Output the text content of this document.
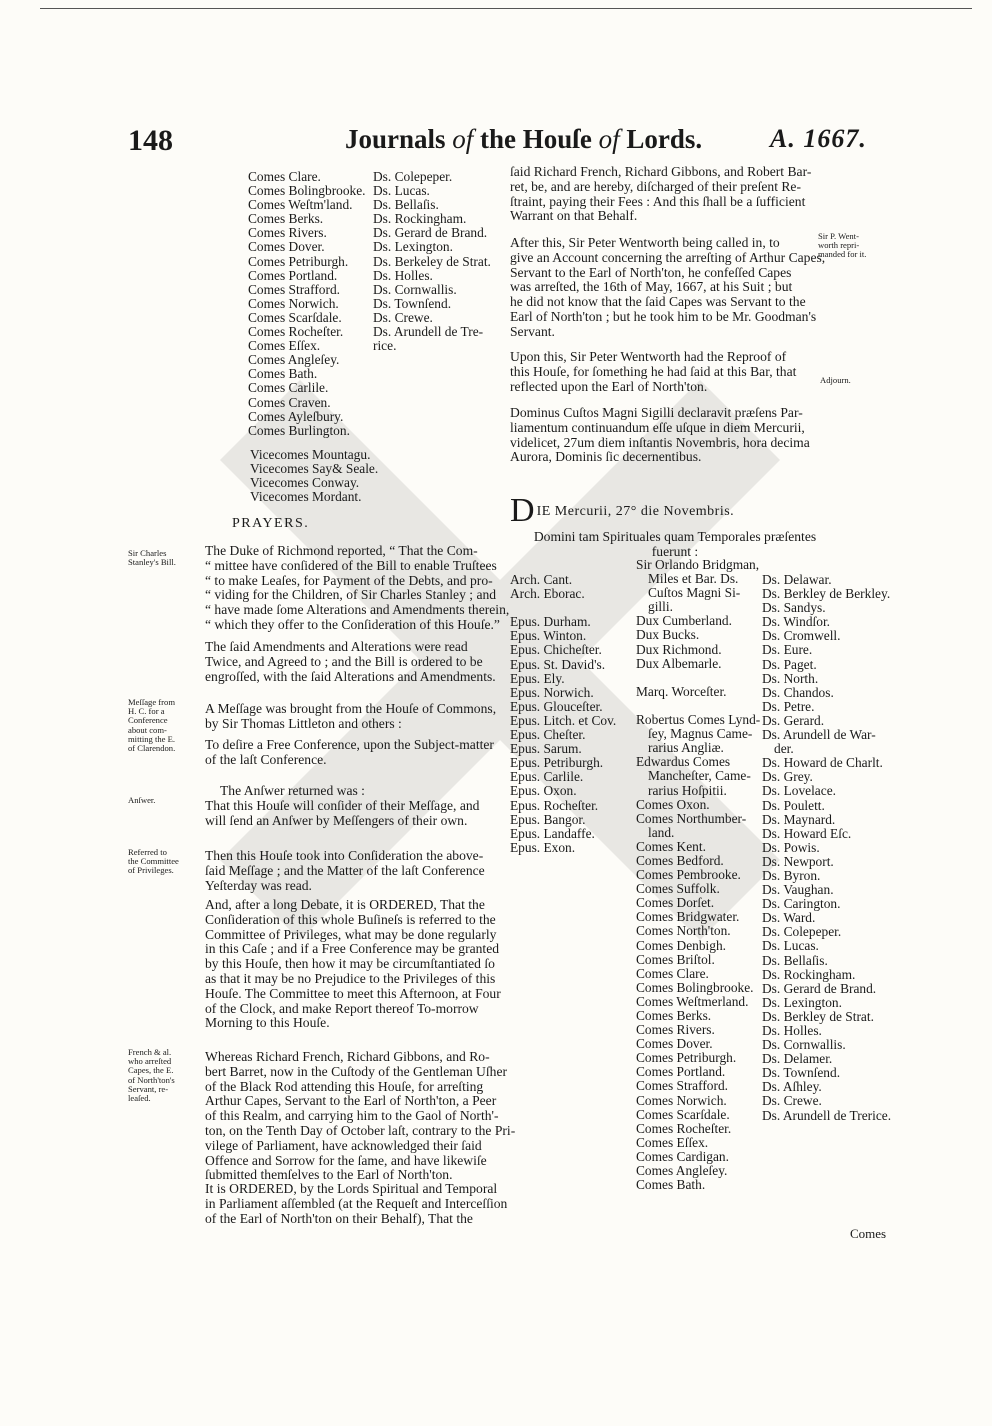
148	Journals of the Houſe of Lords.	A. 1667.
Comes Clare.
Comes Bolingbrooke.
Comes Weſtm'land.
Comes Berks.
Comes Rivers.
Comes Dover.
Comes Petriburgh.
Comes Portland.
Comes Strafford.
Comes Norwich.
Comes Scarſdale.
Comes Rocheſter.
Comes Eſſex.
Comes Angleſey.
Comes Bath.
Comes Carlile.
Comes Craven.
Comes Ayleſbury.
Comes Burlington.
Vicecomes Mountagu.
Vicecomes Say& Seale.
Vicecomes Conway.
Vicecomes Mordant.
Ds. Colepeper.
Ds. Lucas.
Ds. Bellaſis.
Ds. Rockingham.
Ds. Gerard de Brand.
Ds. Lexington.
Ds. Berkeley de Strat.
Ds. Holles.
Ds. Cornwallis.
Ds. Townſend.
Ds. Crewe.
Ds. Arundell de Tre-
rice.
PRAYERS.
Sir Charles
Stanley's Bill.
Meſſage from
H. C. for a
Conference
about com-
mitting the E.
of Clarendon.
Anſwer.
Referred to
the Committee
of Privileges.
French & al.
who arreſted
Capes, the E.
of North'ton's
Servant, re-
leaſed.
Sir P. Went-
worth repri-
manded for it.
Adjourn.
The Duke of Richmond reported, “ That the Com-
“ mittee have conſidered of the Bill to enable Truſtees
“ to make Leaſes, for Payment of the Debts, and pro-
“ viding for the Children, of Sir Charles Stanley ; and
“ have made ſome Alterations and Amendments therein,
“ which they offer to the Conſideration of this Houſe.”
The ſaid Amendments and Alterations were read
Twice, and Agreed to ; and the Bill is ordered to be
engroſſed, with the ſaid Alterations and Amendments.
A Meſſage was brought from the Houſe of Commons,
by Sir Thomas Littleton and others :
To deſire a Free Conference, upon the Subject-matter
of the laſt Conference.
The Anſwer returned was :
That this Houſe will conſider of their Meſſage, and
will ſend an Anſwer by Meſſengers of their own.
Then this Houſe took into Conſideration the above-
ſaid Meſſage ; and the Matter of the laſt Conference
Yeſterday was read.
And, after a long Debate, it is ORDERED, That the
Conſideration of this whole Buſineſs is referred to the
Committee of Privileges, what may be done regularly
in this Caſe ; and if a Free Conference may be granted
by this Houſe, then how it may be circumſtantiated ſo
as that it may be no Prejudice to the Privileges of this
Houſe. The Committee to meet this Afternoon, at Four
of the Clock, and make Report thereof To-morrow
Morning to this Houſe.
Whereas Richard French, Richard Gibbons, and Ro-
bert Barret, now in the Cuſtody of the Gentleman Uſher
of the Black Rod attending this Houſe, for arreſting
Arthur Capes, Servant to the Earl of North'ton, a Peer
of this Realm, and carrying him to the Gaol of North'-
ton, on the Tenth Day of October laſt, contrary to the Pri-
vilege of Parliament, have acknowledged their ſaid
Offence and Sorrow for the ſame, and have likewiſe
ſubmitted themſelves to the Earl of North'ton.
It is ORDERED, by the Lords Spiritual and Temporal
in Parliament aſſembled (at the Requeſt and Interceſſion
of the Earl of North'ton on their Behalf), That the
ſaid Richard French, Richard Gibbons, and Robert Bar-
ret, be, and are hereby, diſcharged of their preſent Re-
ſtraint, paying their Fees : And this ſhall be a ſufficient
Warrant on that Behalf.
After this, Sir Peter Wentworth being called in, to
give an Account concerning the arreſting of Arthur Capes,
Servant to the Earl of North'ton, he confeſſed Capes
was arreſted, the 16th of May, 1667, at his Suit ; but
he did not know that the ſaid Capes was Servant to the
Earl of North'ton ; but he took him to be Mr. Goodman's
Servant.
Upon this, Sir Peter Wentworth had the Reproof of
this Houſe, for ſomething he had ſaid at this Bar, that
reflected upon the Earl of North'ton.
Dominus Cuſtos Magni Sigilli declaravit præſens Par-
liamentum continuandum eſſe uſque in diem Mercurii,
videlicet, 27um diem inſtantis Novembris, hora decima
Aurora, Dominis ſic decernentibus.
D IE Mercurii, 27° die Novembris.
Domini tam Spirituales quam Temporales præſentes
fuerunt :
Arch. Cant.
Arch. Eborac.

Epus. Durham.
Epus. Winton.
Epus. Chicheſter.
Epus. St. David's.
Epus. Ely.
Epus. Norwich.
Epus. Glouceſter.
Epus. Litch. et Cov.
Epus. Cheſter.
Epus. Sarum.
Epus. Petriburgh.
Epus. Carlile.
Epus. Oxon.
Epus. Rocheſter.
Epus. Bangor.
Epus. Landaffe.
Epus. Exon.
Sir Orlando Bridgman,
Miles et Bar. Ds.
Cuſtos Magni Si-
gilli.
Dux Cumberland.
Dux Bucks.
Dux Richmond.
Dux Albemarle.

Marq. Worceſter.

Robertus Comes Lynd-
ſey, Magnus Came-
rarius Angliæ.
Edwardus Comes
Mancheſter, Came-
rarius Hoſpitii.
Comes Oxon.
Comes Northumber-
land.
Comes Kent.
Comes Bedford.
Comes Pembrooke.
Comes Suffolk.
Comes Dorſet.
Comes Bridgwater.
Comes North'ton.
Comes Denbigh.
Comes Briſtol.
Comes Clare.
Comes Bolingbrooke.
Comes Weſtmerland.
Comes Berks.
Comes Rivers.
Comes Dover.
Comes Petriburgh.
Comes Portland.
Comes Strafford.
Comes Norwich.
Comes Scarſdale.
Comes Rocheſter.
Comes Eſſex.
Comes Cardigan.
Comes Angleſey.
Comes Bath.
Ds. Delawar.
Ds. Berkley de Berkley.
Ds. Sandys.
Ds. Windſor.
Ds. Cromwell.
Ds. Eure.
Ds. Paget.
Ds. North.
Ds. Chandos.
Ds. Petre.
Ds. Gerard.
Ds. Arundell de War-
der.
Ds. Howard de Charlt.
Ds. Grey.
Ds. Lovelace.
Ds. Poulett.
Ds. Maynard.
Ds. Howard Eſc.
Ds. Powis.
Ds. Newport.
Ds. Byron.
Ds. Vaughan.
Ds. Carington.
Ds. Ward.
Ds. Colepeper.
Ds. Lucas.
Ds. Bellaſis.
Ds. Rockingham.
Ds. Gerard de Brand.
Ds. Lexington.
Ds. Berkley de Strat.
Ds. Holles.
Ds. Cornwallis.
Ds. Delamer.
Ds. Townſend.
Ds. Aſhley.
Ds. Crewe.
Ds. Arundell de Trerice.
Comes
